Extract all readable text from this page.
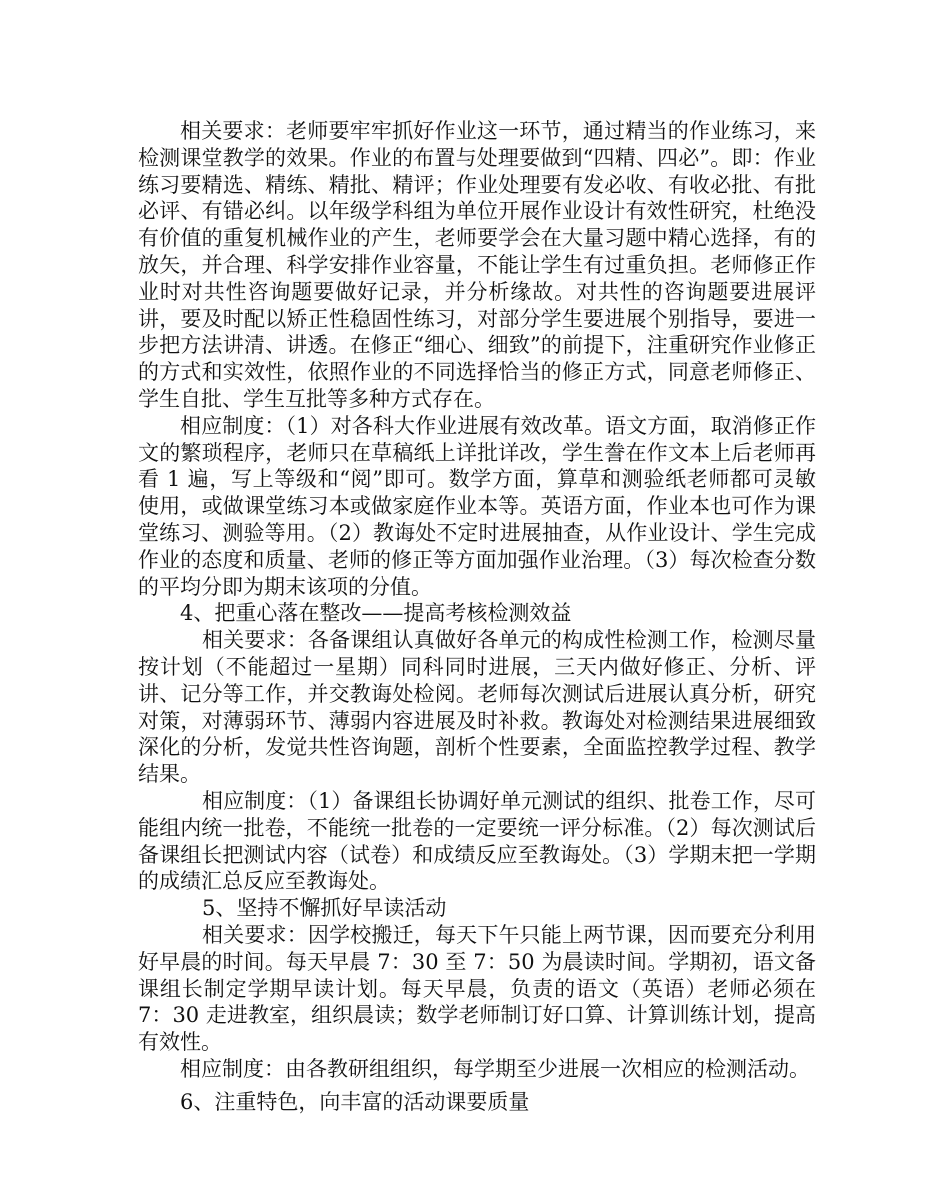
相关要求：老师要牢牢抓好作业这一环节，通过精当的作业练习，来检测课堂教学的效果。作业的布置与处理要做到“四精、四必”。即：作业练习要精选、精练、精批、精评；作业处理要有发必收、有收必批、有批必评、有错必纠。以年级学科组为单位开展作业设计有效性研究，杜绝没有价值的重复机械作业的产生，老师要学会在大量习题中精心选择，有的放矢，并合理、科学安排作业容量，不能让学生有过重负担。老师修正作业时对共性咨询题要做好记录，并分析缘故。对共性的咨询题要进展评讲，要及时配以矫正性稳固性练习，对部分学生要进展个别指导，要进一步把方法讲清、讲透。在修正“细心、细致”的前提下，注重研究作业修正的方式和实效性，依照作业的不同选择恰当的修正方式，同意老师修正、学生自批、学生互批等多种方式存在。

相应制度：（1）对各科大作业进展有效改革。语文方面，取消修正作文的繁琐程序，老师只在草稿纸上详批详改，学生誊在作文本上后老师再看 1 遍，写上等级和“阅”即可。数学方面，算草和测验纸老师都可灵敏使用，或做课堂练习本或做家庭作业本等。英语方面，作业本也可作为课堂练习、测验等用。（2）教诲处不定时进展抽查，从作业设计、学生完成作业的态度和质量、老师的修正等方面加强作业治理。（3）每次检查分数的平均分即为期末该项的分值。

4、把重心落在整改——提高考核检测效益

相关要求：各备课组认真做好各单元的构成性检测工作，检测尽量按计划（不能超过一星期）同科同时进展，三天内做好修正、分析、评讲、记分等工作，并交教诲处检阅。老师每次测试后进展认真分析，研究对策，对薄弱环节、薄弱内容进展及时补救。教诲处对检测结果进展细致深化的分析，发觉共性咨询题，剖析个性要素，全面监控教学过程、教学结果。

相应制度：（1）备课组长协调好单元测试的组织、批卷工作，尽可能组内统一批卷，不能统一批卷的一定要统一评分标准。（2）每次测试后备课组长把测试内容（试卷）和成绩反应至教诲处。（3）学期末把一学期的成绩汇总反应至教诲处。

5、坚持不懈抓好早读活动

相关要求：因学校搬迁，每天下午只能上两节课，因而要充分利用好早晨的时间。每天早晨 7：30 至 7：50 为晨读时间。学期初，语文备课组长制定学期早读计划。每天早晨，负责的语文（英语）老师必须在 7：30 走进教室，组织晨读；数学老师制订好口算、计算训练计划，提高有效性。

相应制度：由各教研组组织，每学期至少进展一次相应的检测活动。

6、注重特色，向丰富的活动课要质量
